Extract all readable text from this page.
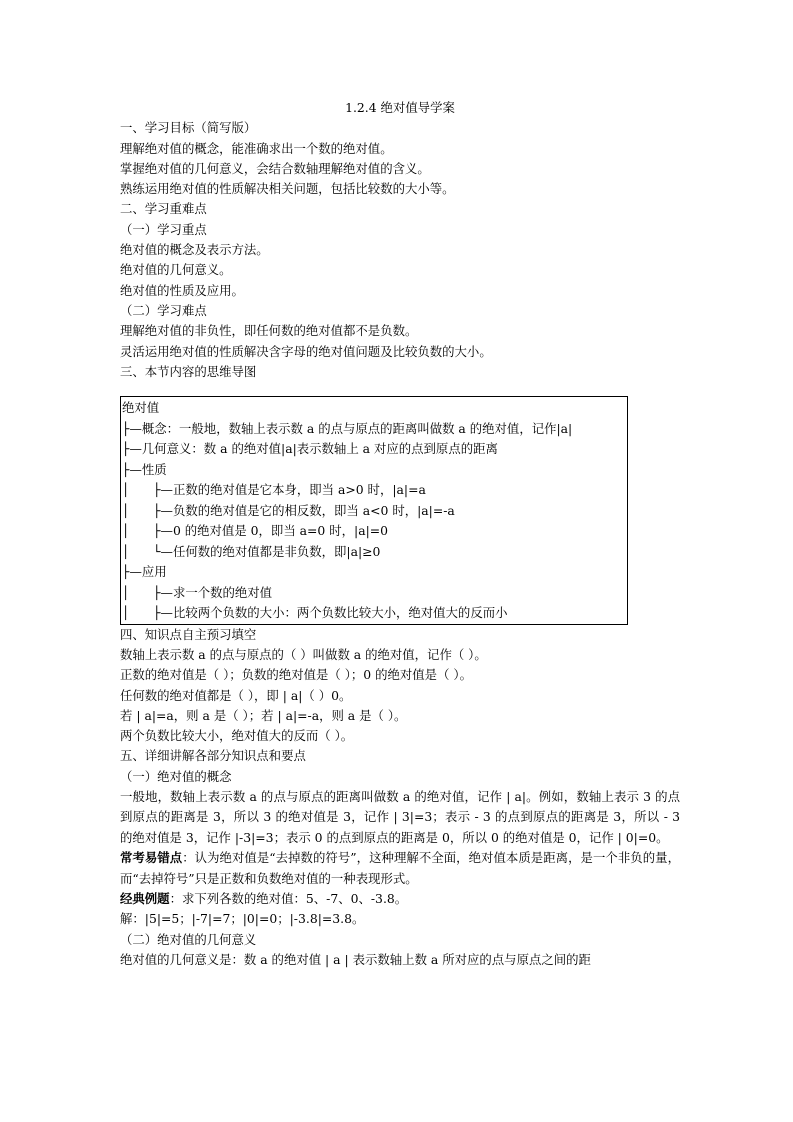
1.2.4 绝对值导学案
一、学习目标（简写版）
理解绝对值的概念，能准确求出一个数的绝对值。
掌握绝对值的几何意义，会结合数轴理解绝对值的含义。
熟练运用绝对值的性质解决相关问题，包括比较数的大小等。
二、学习重难点
（一）学习重点
绝对值的概念及表示方法。
绝对值的几何意义。
绝对值的性质及应用。
（二）学习难点
理解绝对值的非负性，即任何数的绝对值都不是负数。
灵活运用绝对值的性质解决含字母的绝对值问题及比较负数的大小。
三、本节内容的思维导图
绝对值
├—概念：一般地，数轴上表示数 a 的点与原点的距离叫做数 a 的绝对值，记作|a|
├—几何意义：数 a 的绝对值|a|表示数轴上 a 对应的点到原点的距离
├—性质
│      ├—正数的绝对值是它本身，即当 a>0 时，|a|=a
│      ├—负数的绝对值是它的相反数，即当 a<0 时，|a|=-a
│      ├—0 的绝对值是 0，即当 a=0 时，|a|=0
│      └—任何数的绝对值都是非负数，即|a|≥0
├—应用
│      ├—求一个数的绝对值
│      ├—比较两个负数的大小：两个负数比较大小，绝对值大的反而小
四、知识点自主预习填空
数轴上表示数 a 的点与原点的（ ）叫做数 a 的绝对值，记作（ ）。
正数的绝对值是（ ）；负数的绝对值是（ ）；0 的绝对值是（ ）。
任何数的绝对值都是（ ），即 | a|（ ）0。
若 | a|=a，则 a 是（ ）；若 | a|=-a，则 a 是（ ）。
两个负数比较大小，绝对值大的反而（ ）。
五、详细讲解各部分知识点和要点
（一）绝对值的概念
一般地，数轴上表示数 a 的点与原点的距离叫做数 a 的绝对值，记作 | a|。例如，数轴上表示 3 的点到原点的距离是 3，所以 3 的绝对值是 3，记作 | 3|=3；表示 - 3 的点到原点的距离是 3，所以 - 3 的绝对值是 3，记作 |-3|=3；表示 0 的点到原点的距离是 0，所以 0 的绝对值是 0，记作 | 0|=0。
常考易错点：认为绝对值是“去掉数的符号”，这种理解不全面，绝对值本质是距离，是一个非负的量，而“去掉符号”只是正数和负数绝对值的一种表现形式。
经典例题：求下列各数的绝对值：5、-7、0、-3.8。
解：|5|=5；|-7|=7；|0|=0；|-3.8|=3.8。
（二）绝对值的几何意义
绝对值的几何意义是：数 a 的绝对值 | a | 表示数轴上数 a 所对应的点与原点之间的距
